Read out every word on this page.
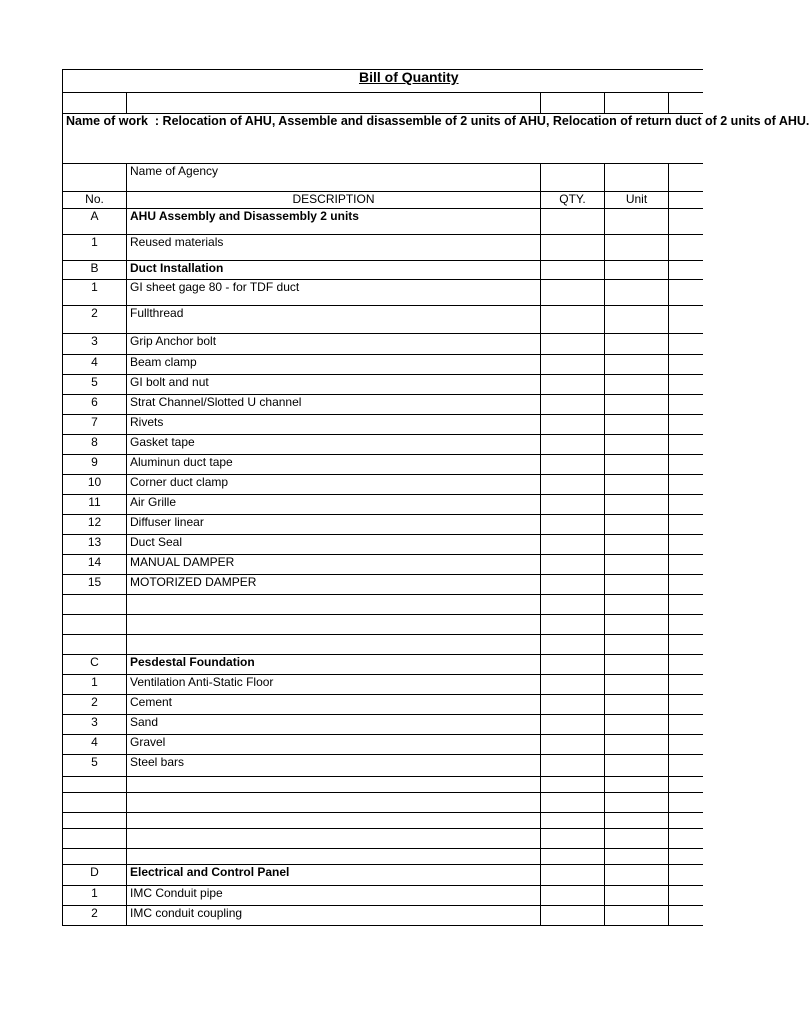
Bill of Quantity				

Name of work : Relocation of AHU, Assemble and disassemble of 2 units of AHU, Relocation of return duct of 2 units of AHU.				

	Name of Agency			
No.	DESCRIPTION	QTY.	Unit	
A	AHU Assembly and Disassembly 2 units			
1	Reused materials			
B	Duct Installation			
1	GI sheet gage 80 - for TDF duct			
2	Fullthread			
3	Grip Anchor bolt			
4	Beam clamp			
5	GI bolt and nut			
6	Strat Channel/Slotted U channel			
7	Rivets			
8	Gasket tape			
9	Aluminun duct tape			
10	Corner duct clamp			
11	Air Grille			
12	Diffuser linear			
13	Duct Seal			
14	MANUAL DAMPER			
15	MOTORIZED DAMPER			

C	Pesdestal Foundation			
1	Ventilation Anti-Static Floor			
2	Cement			
3	Sand			
4	Gravel			
5	Steel bars			

D	Electrical and Control Panel			
1	IMC Conduit pipe			
2	IMC conduit coupling			
